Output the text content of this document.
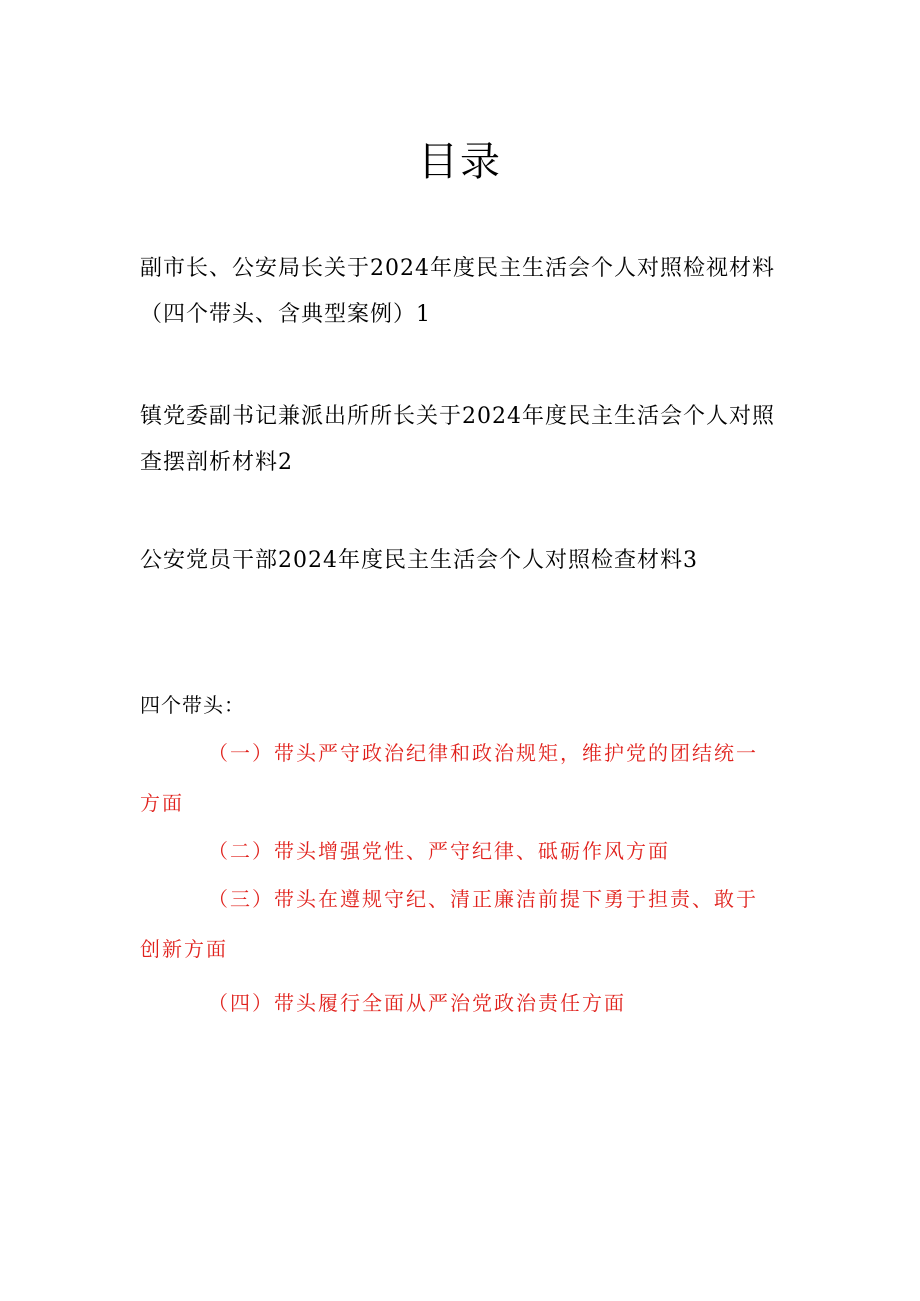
目录
副市长、公安局长关于2024年度民主生活会个人对照检视材料
（四个带头、含典型案例）1
镇党委副书记兼派出所所长关于2024年度民主生活会个人对照
查摆剖析材料2
公安党员干部2024年度民主生活会个人对照检查材料3
四个带头：
（一）带头严守政治纪律和政治规矩，维护党的团结统一
方面
（二）带头增强党性、严守纪律、砥砺作风方面
（三）带头在遵规守纪、清正廉洁前提下勇于担责、敢于
创新方面
（四）带头履行全面从严治党政治责任方面
